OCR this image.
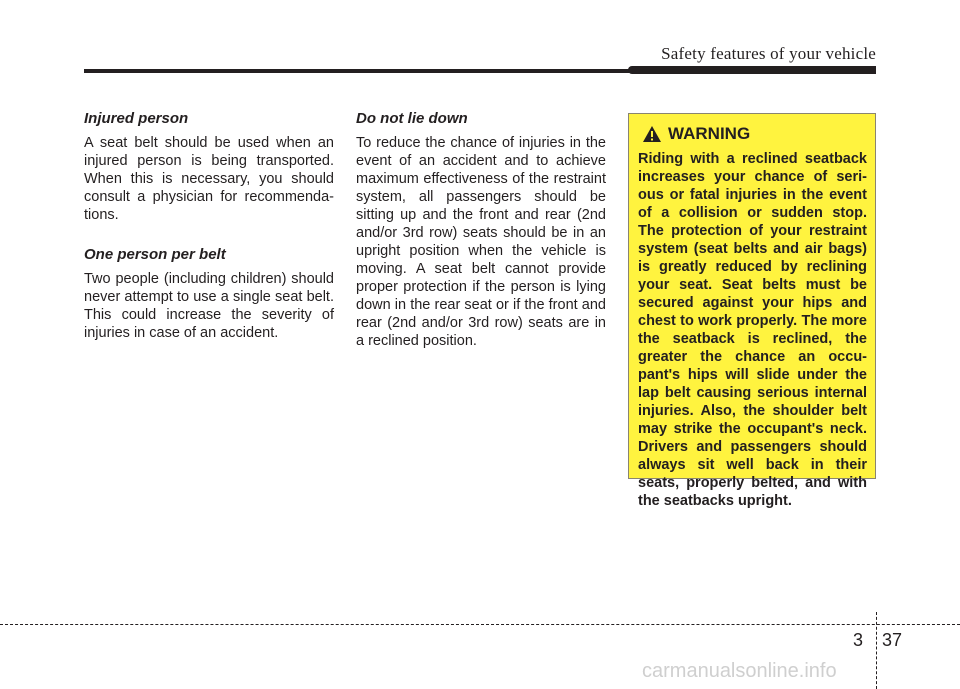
Safety features of your vehicle
Injured person
A seat belt should be used when an injured person is being transported. When this is necessary, you should consult a physician for recommenda-tions.
One person per belt
Two people (including children) should never attempt to use a single seat belt. This could increase the severity of injuries in case of an accident.
Do not lie down
To reduce the chance of injuries in the event of an accident and to achieve maximum effectiveness of the restraint system, all passengers should be sitting up and the front and rear (2nd and/or 3rd row) seats should be in an upright position when the vehicle is moving. A seat belt cannot provide proper protection if the person is lying down in the rear seat or if the front and rear (2nd and/or 3rd row) seats are in a reclined position.
WARNING
Riding with a reclined seatback increases your chance of seri-ous or fatal injuries in the event of a collision or sudden stop. The protection of your restraint system (seat belts and air bags) is greatly reduced by reclining your seat. Seat belts must be secured against your hips and chest to work properly. The more the seatback is reclined, the greater the chance an occu-pant's hips will slide under the lap belt causing serious internal injuries. Also, the shoulder belt may strike the occupant's neck. Drivers and passengers should always sit well back in their seats, properly belted, and with the seatbacks upright.
3 37
carmanualsonline.info
